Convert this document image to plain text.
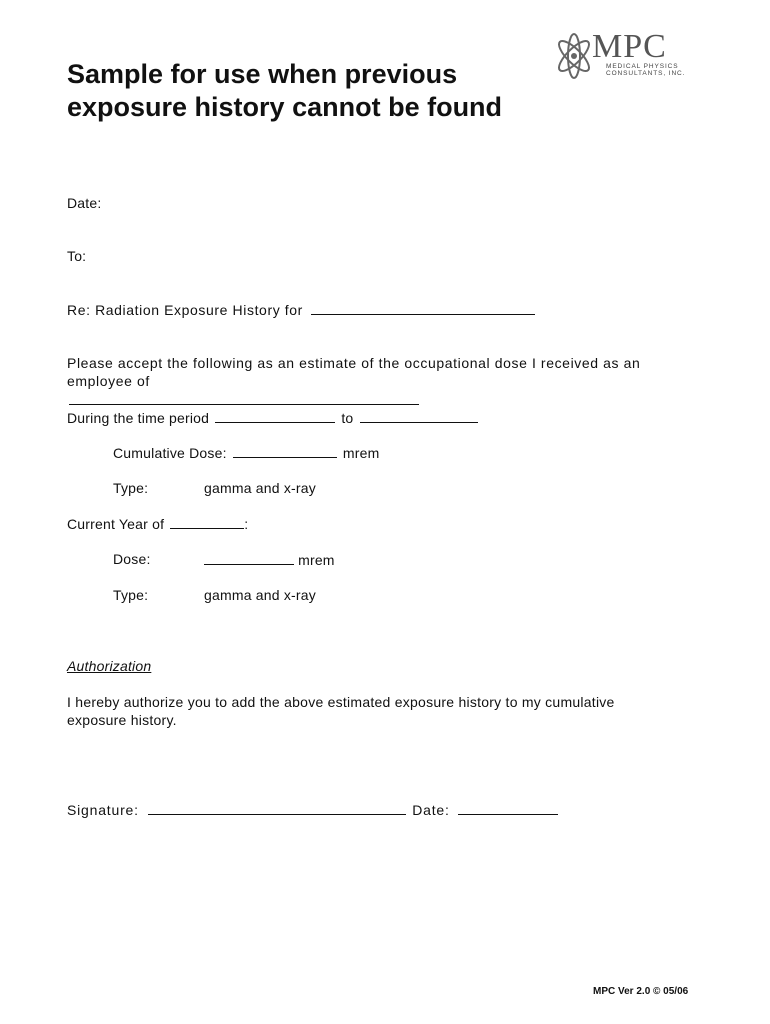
Sample for use when previous
exposure history cannot be found
MPC
MEDICAL PHYSICS
CONSULTANTS, INC.
Date:
To:
Re: Radiation Exposure History for
Please accept the following as an estimate of the occupational dose I received as an
employee of
During the time period	to
Cumulative Dose:	mrem
Type:	gamma and x-ray
Current Year of	:
Dose:	mrem
Type:	gamma and x-ray
Authorization
I hereby authorize you to add the above estimated exposure history to my cumulative
exposure history.
Signature:	Date:
MPC Ver 2.0 © 05/06
